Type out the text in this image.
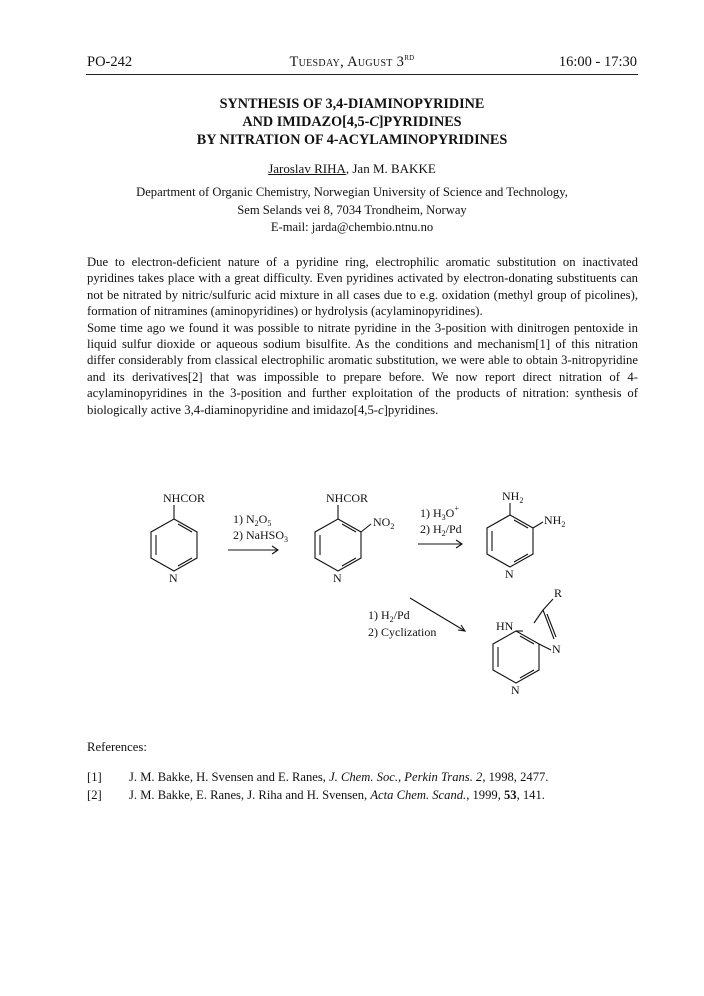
PO-242	Tuesday, August 3RD	16:00 - 17:30
SYNTHESIS OF 3,4-DIAMINOPYRIDINE
AND IMIDAZO[4,5-C]PYRIDINES
BY NITRATION OF 4-ACYLAMINOPYRIDINES
Jaroslav RIHA, Jan M. BAKKE
Department of Organic Chemistry, Norwegian University of Science and Technology,
Sem Selands vei 8, 7034 Trondheim, Norway
E-mail: jarda@chembio.ntnu.no

Due to electron-deficient nature of a pyridine ring, electrophilic aromatic substitution on inactivated pyridines takes place with a great difficulty. Even pyridines activated by electron-donating substituents can not be nitrated by nitric/sulfuric acid mixture in all cases due to e.g. oxidation (methyl group of picolines), formation of nitramines (aminopyridines) or hydrolysis (acylaminopyridines).

Some time ago we found it was possible to nitrate pyridine in the 3-position with dinitrogen pentoxide in liquid sulfur dioxide or aqueous sodium bisulfite. As the conditions and mechanism[1] of this nitration differ considerably from classical electrophilic aromatic substitution, we were able to obtain 3-nitropyridine and its derivatives[2] that was impossible to prepare before. We now report direct nitration of 4-acylaminopyridines in the 3-position and further exploitation of the products of nitration: synthesis of biologically active 3,4-diaminopyridine and imidazo[4,5-c]pyridines.

NHCOR
N
1) $N_2O_5$
2) NaHSO$_3$
NHCOR
$NO_2$
N
1) $H_3O^+$
2) $H_2/Pd$
$NH_2$
$NH_2$
N
1) $H_2/Pd$
2) Cyclization
R
HN
N
N
References:
[1] J. M. Bakke, H. Svensen and E. Ranes, J. Chem. Soc., Perkin Trans. 2, 1998, 2477.
[2] J. M. Bakke, E. Ranes, J. Riha and H. Svensen, Acta Chem. Scand., 1999, 53, 141.
